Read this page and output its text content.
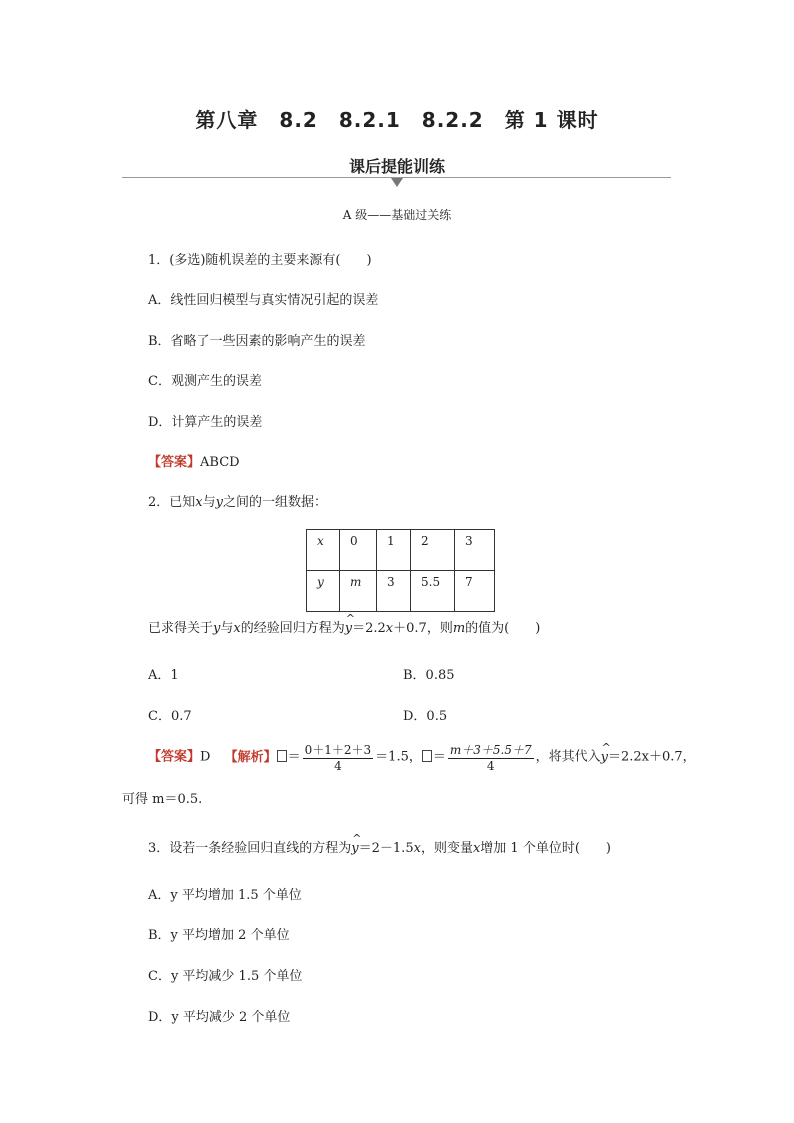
第八章　8.2　8.2.1　8.2.2　第 1 课时
课后提能训练
A 级——基础过关练
1．(多选)随机误差的主要来源有(　　)
A．线性回归模型与真实情况引起的误差
B．省略了一些因素的影响产生的误差
C．观测产生的误差
D．计算产生的误差
【答案】ABCD
2．已知x与y之间的一组数据：
x	0	1	2	3
y	m	3	5.5	7
已求得关于y与x的经验回归方程为^ y＝2.2x＋0.7，则m的值为(　　)
A．1	B．0.85
C．0.7	D．0.5
【答案】D 【解析】 ＝ $\frac{0+1+2+3}{4} =1.5$， ＝ $\frac{m+3+5.5+7}{4}$ ，将其代入^ y＝2.2x＋0.7，
可得 m＝0.5.
3．设若一条经验回归直线的方程为^ y＝2－1.5x，则变量x增加 1 个单位时(　　)
A．y 平均增加 1.5 个单位
B．y 平均增加 2 个单位
C．y 平均减少 1.5 个单位
D．y 平均减少 2 个单位
